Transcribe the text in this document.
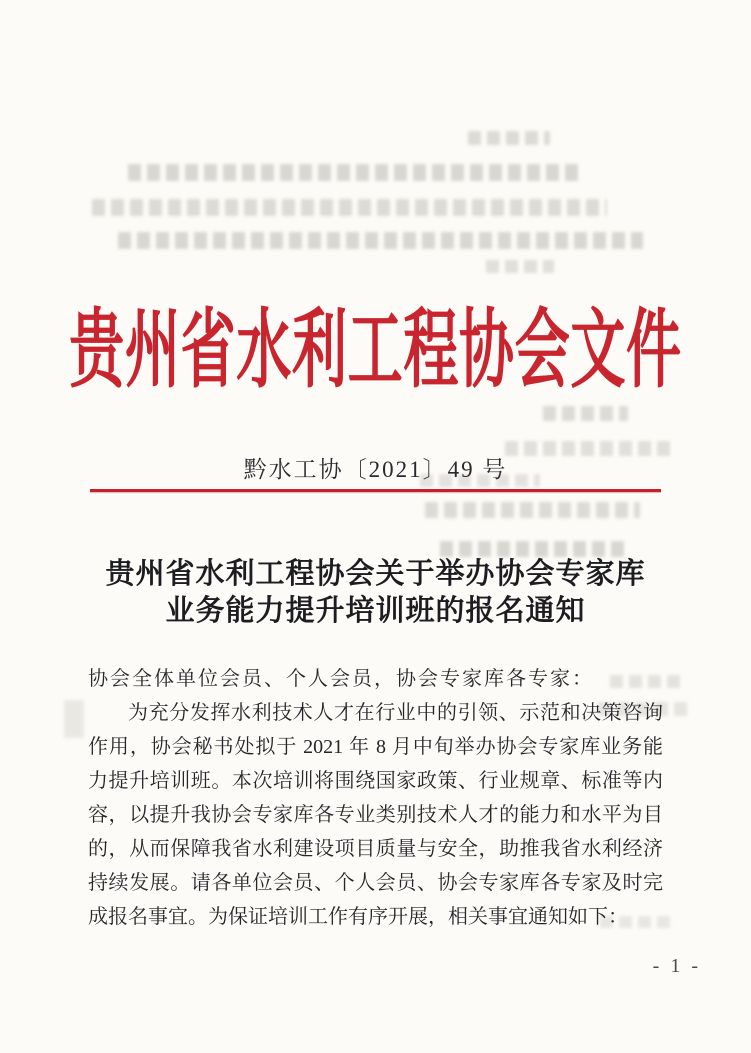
贵州省水利工程协会文件
黔水工协〔2021〕49 号
贵州省水利工程协会关于举办协会专家库
业务能力提升培训班的报名通知
协会全体单位会员、个人会员，协会专家库各专家：
为充分发挥水利技术人才在行业中的引领、示范和决策咨询
作用，协会秘书处拟于 2021 年 8 月中旬举办协会专家库业务能
力提升培训班。本次培训将围绕国家政策、行业规章、标准等内
容，以提升我协会专家库各专业类别技术人才的能力和水平为目
的，从而保障我省水利建设项目质量与安全，助推我省水利经济
持续发展。请各单位会员、个人会员、协会专家库各专家及时完
成报名事宜。为保证培训工作有序开展，相关事宜通知如下：
- 1 -
